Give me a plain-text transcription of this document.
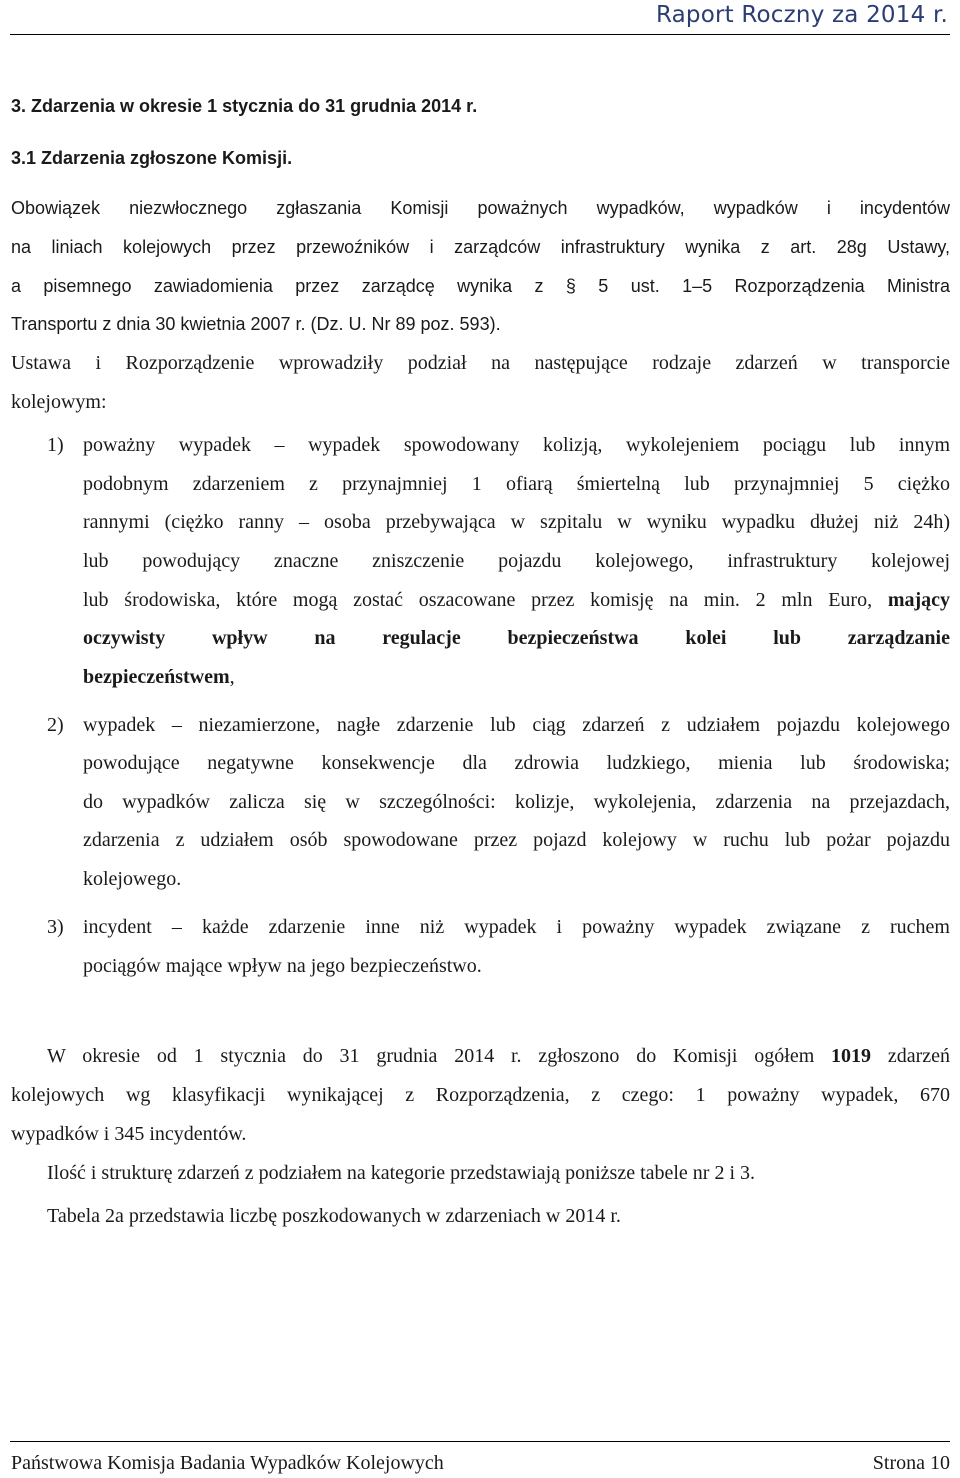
Raport Roczny za 2014 r.
3. Zdarzenia w okresie 1 stycznia do 31 grudnia 2014 r.
3.1 Zdarzenia zgłoszone Komisji.
Obowiązek niezwłocznego zgłaszania Komisji poważnych wypadków, wypadków i incydentów
na liniach kolejowych przez przewoźników i zarządców infrastruktury wynika z art. 28g Ustawy,
a pisemnego zawiadomienia przez zarządcę wynika z § 5 ust. 1–5 Rozporządzenia Ministra
Transportu z dnia 30 kwietnia 2007 r. (Dz. U. Nr 89 poz. 593).
Ustawa i Rozporządzenie wprowadziły podział na następujące rodzaje zdarzeń w transporcie
kolejowym:
1) poważny wypadek – wypadek spowodowany kolizją, wykolejeniem pociągu lub innym
podobnym zdarzeniem z przynajmniej 1 ofiarą śmiertelną lub przynajmniej 5 ciężko
rannymi (ciężko ranny – osoba przebywająca w szpitalu w wyniku wypadku dłużej niż 24h)
lub powodujący znaczne zniszczenie pojazdu kolejowego, infrastruktury kolejowej
lub środowiska, które mogą zostać oszacowane przez komisję na min. 2 mln Euro, mający
oczywisty wpływ na regulacje bezpieczeństwa kolei lub zarządzanie
bezpieczeństwem,
2) wypadek – niezamierzone, nagłe zdarzenie lub ciąg zdarzeń z udziałem pojazdu kolejowego
powodujące negatywne konsekwencje dla zdrowia ludzkiego, mienia lub środowiska;
do wypadków zalicza się w szczególności: kolizje, wykolejenia, zdarzenia na przejazdach,
zdarzenia z udziałem osób spowodowane przez pojazd kolejowy w ruchu lub pożar pojazdu
kolejowego.
3) incydent – każde zdarzenie inne niż wypadek i poważny wypadek związane z ruchem
pociągów mające wpływ na jego bezpieczeństwo.
W okresie od 1 stycznia do 31 grudnia 2014 r. zgłoszono do Komisji ogółem 1019 zdarzeń
kolejowych wg klasyfikacji wynikającej z Rozporządzenia, z czego: 1 poważny wypadek, 670
wypadków i 345 incydentów.
Ilość i strukturę zdarzeń z podziałem na kategorie przedstawiają poniższe tabele nr 2 i 3.
Tabela 2a przedstawia liczbę poszkodowanych w zdarzeniach w 2014 r.
Państwowa Komisja Badania Wypadków Kolejowych	Strona 10
